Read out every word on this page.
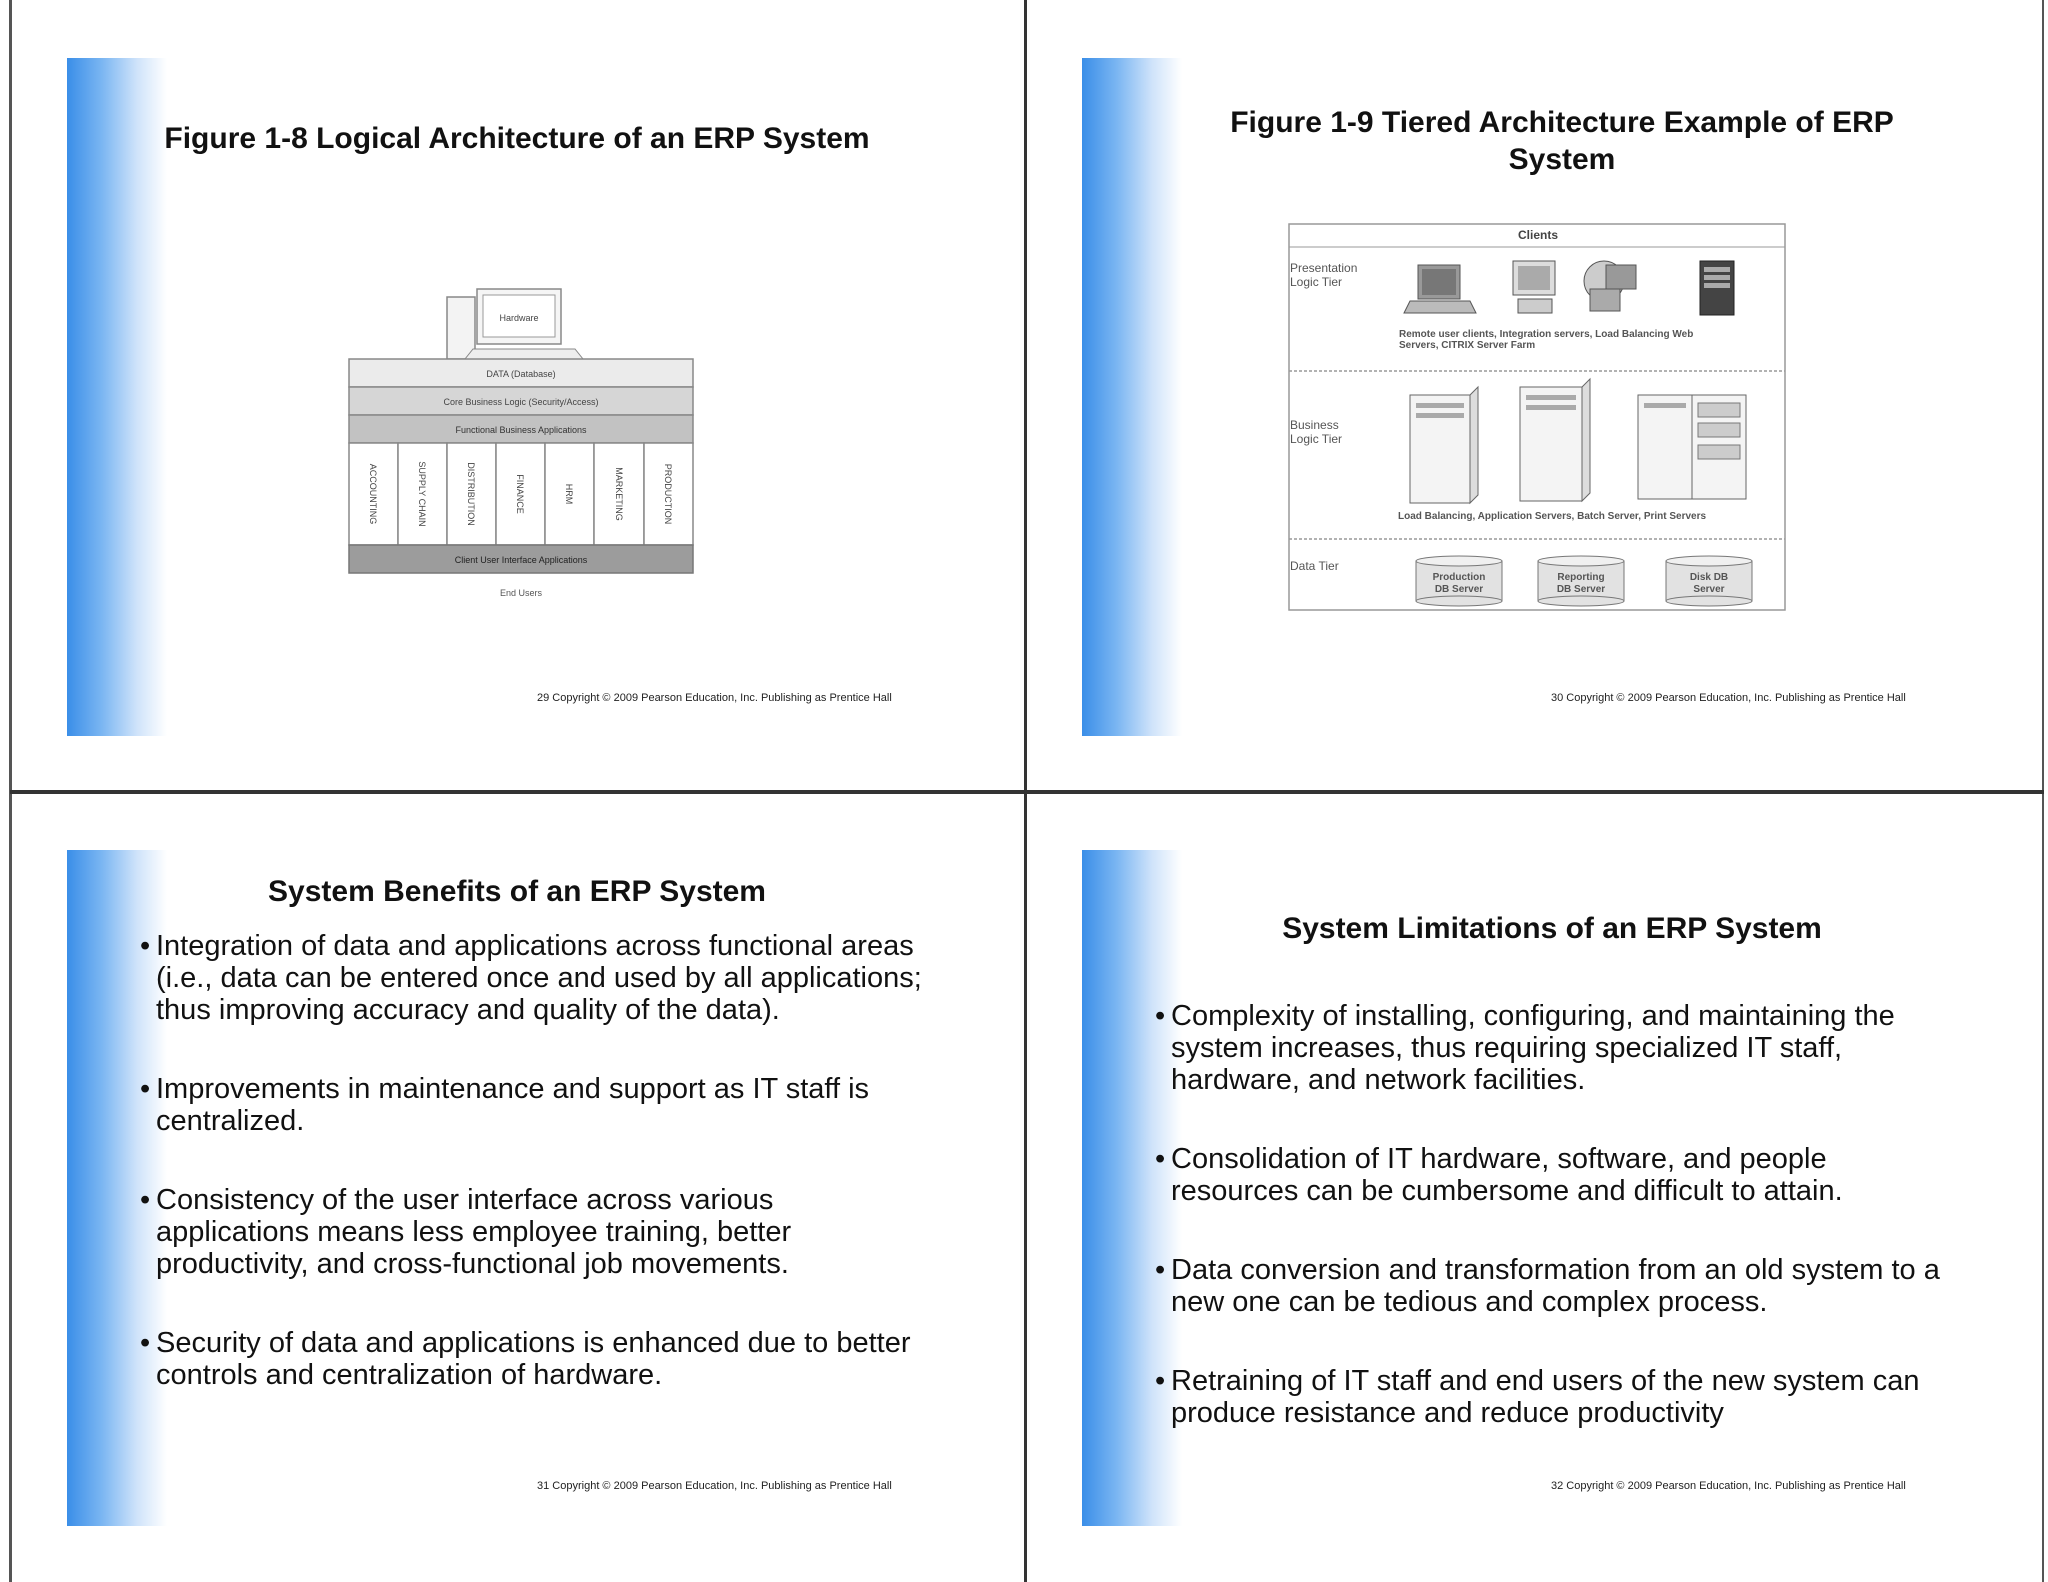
Figure 1-8 Logical Architecture of an ERP System
Hardware
DATA (Database)
Core Business Logic (Security/Access)
Functional Business Applications
ACCOUNTING	SUPPLY CHAIN	DISTRIBUTION	FINANCE	HRM	MARKETING	PRODUCTION
Client User Interface Applications
End Users
29 Copyright © 2009 Pearson Education, Inc. Publishing as Prentice Hall
Figure 1-9 Tiered Architecture Example of ERP System
Clients
Presentation Logic Tier
Remote user clients, Integration servers, Load Balancing Web Servers, CITRIX Server Farm
Business Logic Tier
Load Balancing, Application Servers, Batch Server, Print Servers
Data Tier
Production DB Server
Reporting DB Server
Disk DB Server
30 Copyright © 2009 Pearson Education, Inc. Publishing as Prentice Hall
System Benefits of an ERP System
• Integration of data and applications across functional areas (i.e., data can be entered once and used by all applications; thus improving accuracy and quality of the data).
• Improvements in maintenance and support as IT staff is centralized.
• Consistency of the user interface across various applications means less employee training, better productivity, and cross-functional job movements.
• Security of data and applications is enhanced due to better controls and centralization of hardware.
31 Copyright © 2009 Pearson Education, Inc. Publishing as Prentice Hall
System Limitations of an ERP System
• Complexity of installing, configuring, and maintaining the system increases, thus requiring specialized IT staff, hardware, and network facilities.
• Consolidation of IT hardware, software, and people resources can be cumbersome and difficult to attain.
• Data conversion and transformation from an old system to a new one can be tedious and complex process.
• Retraining of IT staff and end users of the new system can produce resistance and reduce productivity
32 Copyright © 2009 Pearson Education, Inc. Publishing as Prentice Hall
